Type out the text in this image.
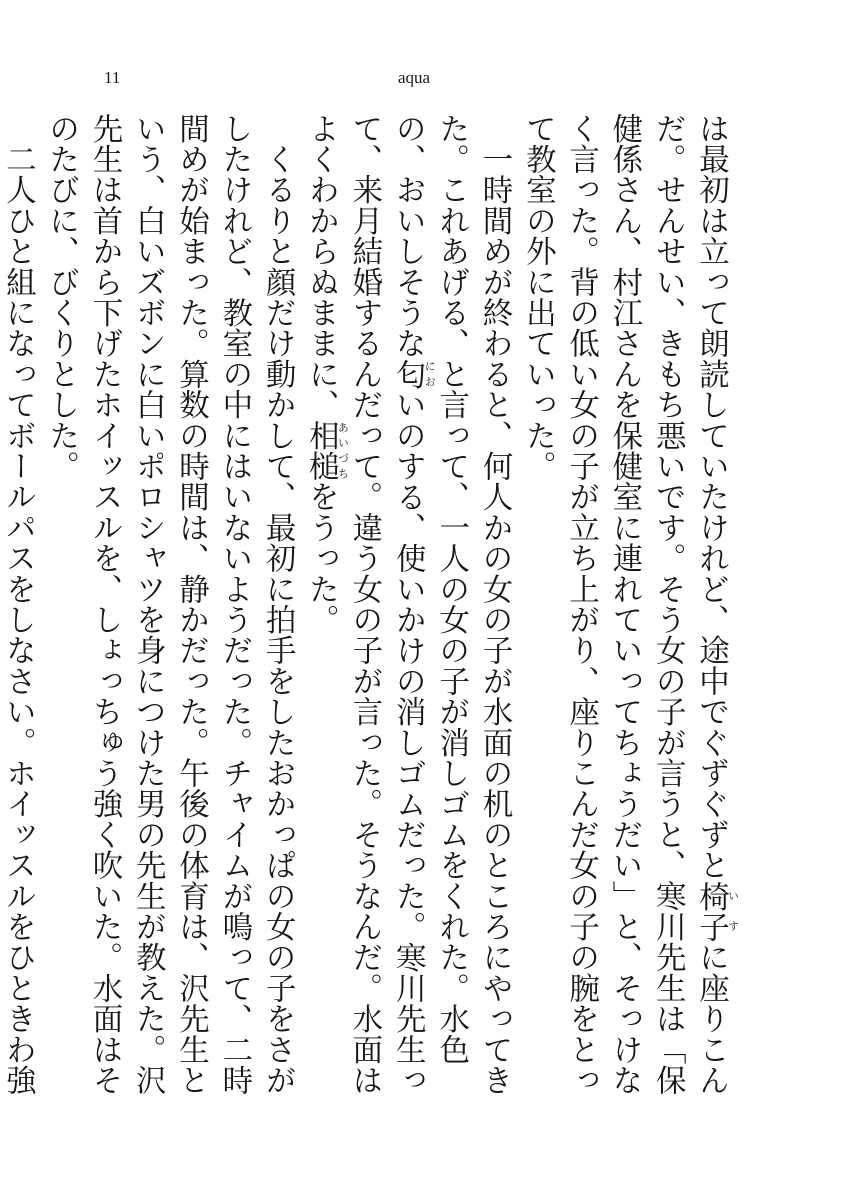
11	aqua

は最初は立って朗読していたけれど、途中でぐずぐずと椅子いすに座りこんだ。せんせい、きもち悪いです。そう女の子が言うと、寒川先生は「保健係さん、村江さんを保健室に連れていってちょうだい」と、そっけなく言った。背の低い女の子が立ち上がり、座りこんだ女の子の腕をとって教室の外に出ていった。

　一時間めが終わると、何人かの女の子が水面の机のところにやってきた。これあげる、と言って、一人の女の子が消しゴムをくれた。水色の、おいしそうな匂においのする、使いかけの消しゴムだった。寒川先生って、来月結婚するんだって。違う女の子が言った。そうなんだ。水面はよくわからぬままに、相槌あいづちをうった。

　くるりと顔だけ動かして、最初に拍手をしたおかっぱの女の子をさがしたけれど、教室の中にはいないようだった。チャイムが鳴って、二時間めが始まった。算数の時間は、静かだった。午後の体育は、沢先生という、白いズボンに白いポロシャツを身につけた男の先生が教えた。沢先生は首から下げたホイッスルを、しょっちゅう強く吹いた。水面はそのたびに、びくりとした。

　二人ひと組になってボールパスをしなさい。ホイッスルをひときわ強
